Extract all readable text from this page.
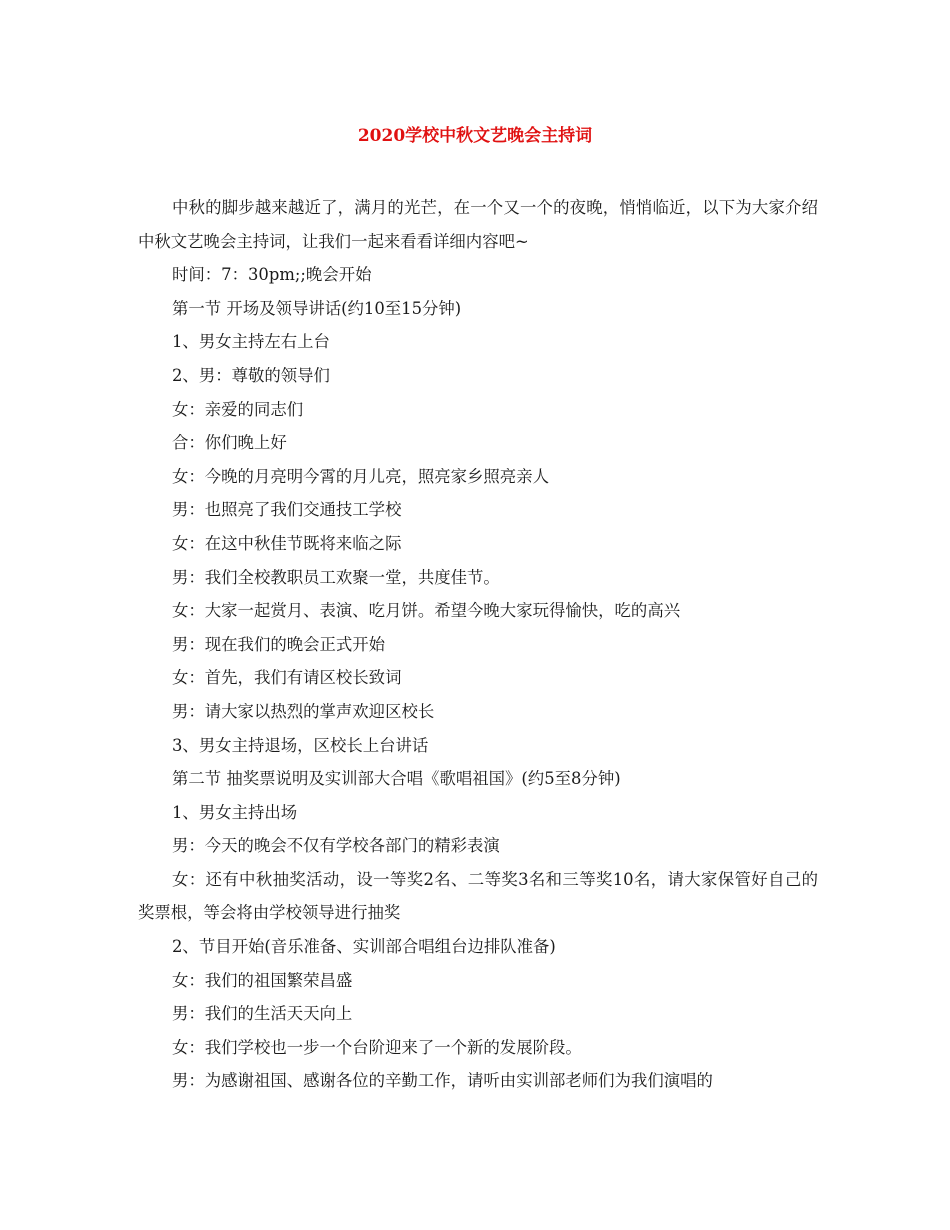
2020学校中秋文艺晚会主持词

中秋的脚步越来越近了，满月的光芒，在一个又一个的夜晚，悄悄临近，以下为大家介绍中秋文艺晚会主持词，让我们一起来看看详细内容吧~

时间：7：30pm;;晚会开始

第一节 开场及领导讲话(约10至15分钟)

1、男女主持左右上台

2、男：尊敬的领导们

女：亲爱的同志们

合：你们晚上好

女：今晚的月亮明今霄的月儿亮，照亮家乡照亮亲人

男：也照亮了我们交通技工学校

女：在这中秋佳节既将来临之际

男：我们全校教职员工欢聚一堂，共度佳节。

女：大家一起赏月、表演、吃月饼。希望今晚大家玩得愉快，吃的高兴

男：现在我们的晚会正式开始

女：首先，我们有请区校长致词

男：请大家以热烈的掌声欢迎区校长

3、男女主持退场，区校长上台讲话

第二节 抽奖票说明及实训部大合唱《歌唱祖国》(约5至8分钟)

1、男女主持出场

男：今天的晚会不仅有学校各部门的精彩表演

女：还有中秋抽奖活动，设一等奖2名、二等奖3名和三等奖10名，请大家保管好自己的奖票根，等会将由学校领导进行抽奖

2、节目开始(音乐准备、实训部合唱组台边排队准备)

女：我们的祖国繁荣昌盛

男：我们的生活天天向上

女：我们学校也一步一个台阶迎来了一个新的发展阶段。

男：为感谢祖国、感谢各位的辛勤工作，请听由实训部老师们为我们演唱的
